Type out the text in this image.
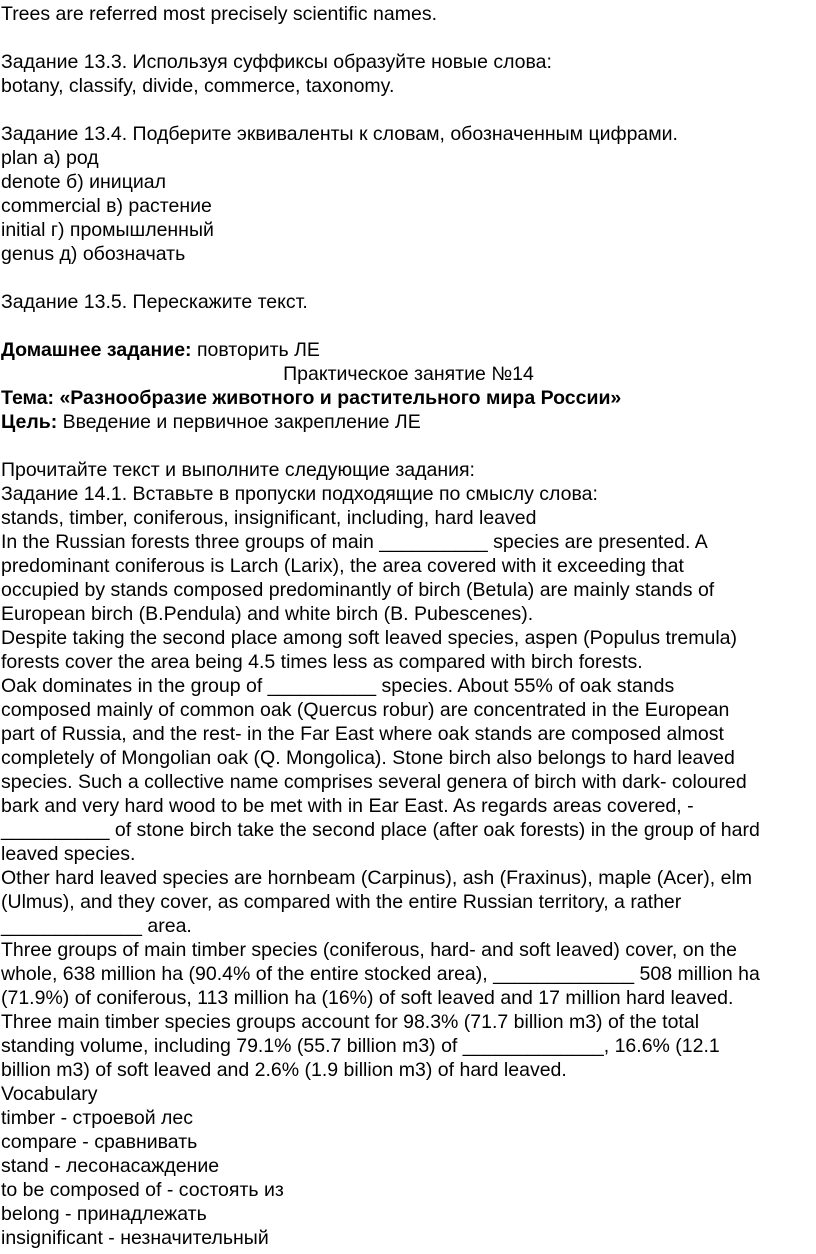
Trees are referred most precisely scientific names.
Задание 13.3. Используя суффиксы образуйте новые слова:
botany, classify, divide, commerce, taxonomy.
Задание 13.4. Подберите эквиваленты к словам, обозначенным цифрами.
plan а) род
denote б) инициал
commercial в) растение
initial г) промышленный
genus д) обозначать
Задание 13.5. Перескажите текст.
Домашнее задание: повторить ЛЕ
Практическое занятие №14
Тема: «Разнообразие животного и растительного мира России»
Цель: Введение и первичное закрепление ЛЕ
Прочитайте текст и выполните следующие задания:
Задание 14.1. Вставьте в пропуски подходящие по смыслу слова:
stands, timber, coniferous, insignificant, including, hard leaved
In the Russian forests three groups of main __________ species are presented. A
predominant coniferous is Larch (Larix), the area covered with it exceeding that
occupied by stands composed predominantly of birch (Betula) are mainly stands of
European birch (B.Pendula) and white birch (B. Pubescenes).
Despite taking the second place among soft leaved species, aspen (Populus tremula)
forests cover the area being 4.5 times less as compared with birch forests.
Oak dominates in the group of __________ species. About 55% of oak stands
composed mainly of common oak (Quercus robur) are concentrated in the European
part of Russia, and the rest- in the Far East where oak stands are composed almost
completely of Mongolian oak (Q. Mongolica). Stone birch also belongs to hard leaved
species. Such a collective name comprises several genera of birch with dark- coloured
bark and very hard wood to be met with in Ear East. As regards areas covered, -
__________ of stone birch take the second place (after oak forests) in the group of hard
leaved species.
Other hard leaved species are hornbeam (Carpinus), ash (Fraxinus), maple (Acer), elm
(Ulmus), and they cover, as compared with the entire Russian territory, a rather
_____________ area.
Three groups of main timber species (coniferous, hard- and soft leaved) cover, on the
whole, 638 million ha (90.4% of the entire stocked area), _____________ 508 million ha
(71.9%) of coniferous, 113 million ha (16%) of soft leaved and 17 million hard leaved.
Three main timber species groups account for 98.3% (71.7 billion m3) of the total
standing volume, including 79.1% (55.7 billion m3) of _____________, 16.6% (12.1
billion m3) of soft leaved and 2.6% (1.9 billion m3) of hard leaved.
Vocabulary
timber - строевой лес
compare - сравнивать
stand - лесонасаждение
to be composed of - состоять из
belong - принадлежать
insignificant - незначительный
